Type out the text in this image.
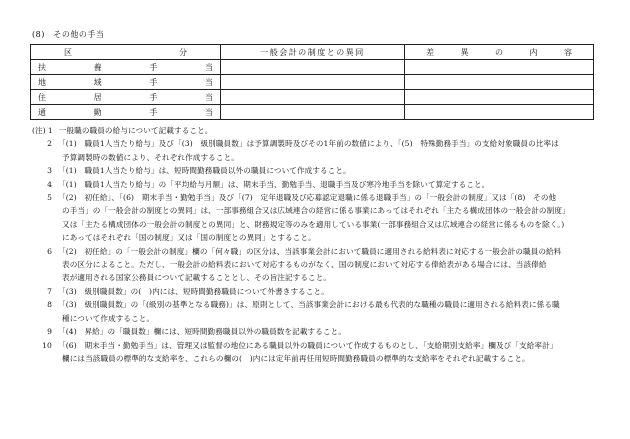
(8)　その他の手当
区 分	一般会計の制度との異同	差 異 の 内 容

扶 養 手 当		

地 域 手 当		

住 居 手 当		

通 勤 手 当		

(注) 1 一般職の職員の給与について記載すること。
2 「(1)　職員1人当たり給与」及び「(3)　級別職員数」は予算調製時及びその1年前の数値により、「(5)　特殊勤務手当」の支給対象職員の比率は
予算調製時の数値により、それぞれ作成すること。
3 「(1)　職員1人当たり給与」は、短時間勤務職員以外の職員について作成すること。
4 「(1)　職員1人当たり給与」の「平均給与月額」は、期末手当、勤勉手当、退職手当及び寒冷地手当を除いて算定すること。
5 「(2)　初任給」、「(6)　期末手当・勤勉手当」及び「(7)　定年退職及び応募認定退職に係る退職手当」の「一般会計の制度」又は「(8)　その他
の手当」の「一般会計の制度との異同」は、一部事務組合又は広域連合の経営に係る事業にあってはそれぞれ「主たる構成団体の一般会計の制度」
又は「主たる構成団体の一般会計の制度との異同」と、財務規定等のみを適用している事業(一部事務組合又は広域連合の経営に係るものを除く。)
にあってはそれぞれ「国の制度」又は「国の制度との異同」とすること。
6 「(2)　初任給」の「一般会計の制度」欄の「何々職」の区分は、当該事業会計において職員に適用される給料表に対応する一般会計の職員の給料
表の区分によること。ただし、一般会計の給料表において対応するものがなく、国の制度において対応する俸給表がある場合には、当該俸給
表が適用される国家公務員について記載することとし、その旨注記すること。
7 「(3)　級別職員数」の(　)内には、短時間勤務職員について外書きすること。
8 「(3)　級別職員数」の「(級別の基準となる職務)」は、原則として、当該事業会計における最も代表的な職種の職員に適用される給料表に係る職
種について作成すること。
9 「(4)　昇給」の「職員数」欄には、短時間勤務職員以外の職員数を記載すること。
10 「(6)　期末手当・勤勉手当」は、管理又は監督の地位にある職員以外の職員について作成するものとし、「支給期別支給率」欄及び「支給率計」
欄には当該職員の標準的な支給率を、これらの欄の(　)内には定年前再任用短時間勤務職員の標準的な支給率をそれぞれ記載すること。
